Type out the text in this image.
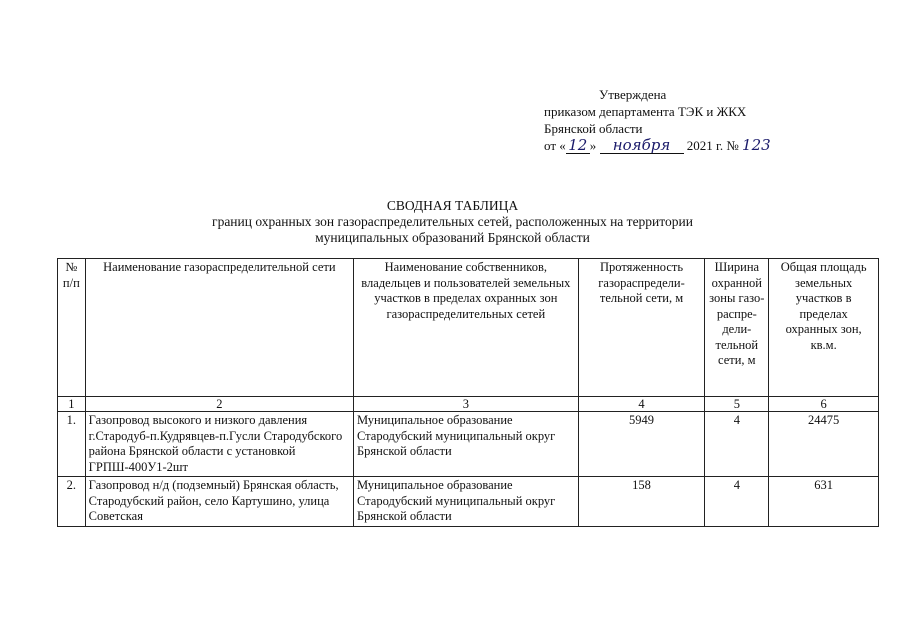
Утверждена
приказом департамента ТЭК и ЖКХ
Брянской области
от « 12 » ноября 2021 г. № 123
СВОДНАЯ ТАБЛИЦА
границ охранных зон газораспределительных сетей, расположенных на территории
муниципальных образований Брянской области
№ п/п	Наименование газораспределительной сети	Наименование собственников, владельцев и пользователей земельных участков в пределах охранных зон газораспределительных сетей	Протяженность газораспредели-тельной сети, м	Ширина охранной зоны газо-распре-дели-тельной сети, м	Общая площадь земельных участков в пределах охранных зон, кв.м.
1	2	3	4	5	6
1.	Газопровод высокого и низкого давления г.Стародуб-п.Кудрявцев-п.Гусли Стародубского района Брянской области с установкой ГРПШ-400У1-2шт	Муниципальное образование Стародубский муниципальный округ Брянской области	5949	4	24475
2.	Газопровод н/д (подземный) Брянская область, Стародубский район, село Картушино, улица Советская	Муниципальное образование Стародубский муниципальный округ Брянской области	158	4	631
